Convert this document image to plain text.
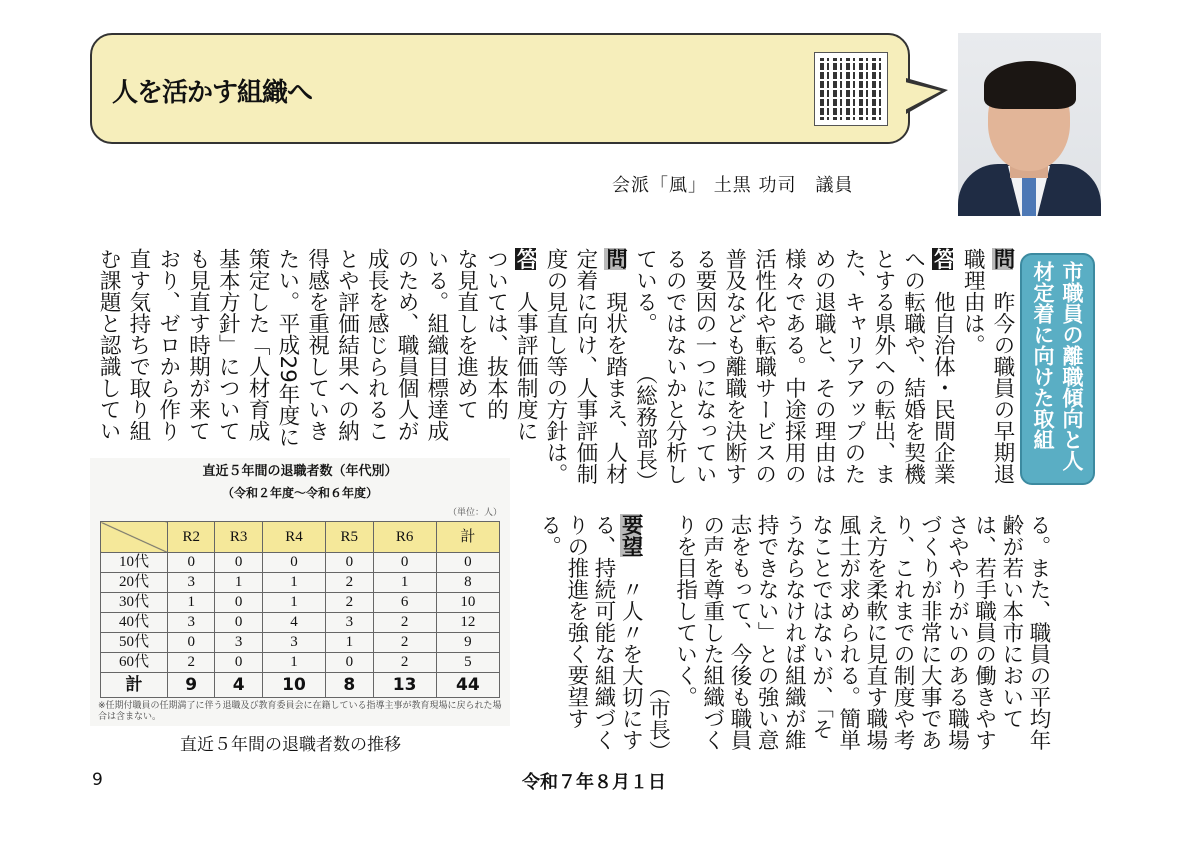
人を活かす組織へ
会派「風」 土黒 功司　議員
市職員の離職傾向と人
材定着に向けた取組
問　昨今の職員の早期退
職理由は。
答　他自治体・民間企業
への転職や、結婚を契機
とする県外への転出、ま
た、キャリアアップのた
めの退職と、その理由は
様々である。中途採用の
活性化や転職サービスの
普及なども離職を決断す
る要因の一つになってい
るのではないかと分析し
ている。
（総務部長）
問　現状を踏まえ、人材
定着に向け、人事評価制
度の見直し等の方針は。
答　人事評価制度に
ついては、抜本的
な見直しを進めて
いる。組織目標達成
のため、職員個人が
成長を感じられるこ
とや評価結果への納
得感を重視していき
たい。平成29年度に
策定した「人材育成
基本方針」について
も見直す時期が来て
おり、ゼロから作り
直す気持ちで取り組
む課題と認識してい
る。また、職員の平均年
齢が若い本市において
は、若手職員の働きやす
さややりがいのある職場
づくりが非常に大事であ
り、これまでの制度や考
え方を柔軟に見直す職場
風土が求められる。簡単
なことではないが、「そ
うならなければ組織が維
持できない」との強い意
志をもって、今後も職員
の声を尊重した組織づく
りを目指していく。
（市長）
要望　〃人〃を大切にす
る、持続可能な組織づく
りの推進を強く要望す
る。
直近５年間の退職者数（年代別）
（令和２年度～令和６年度）
（単位：人）
	R2	R3	R4	R5	R6	計
10代	0	0	0	0	0	0
20代	3	1	1	2	1	8
30代	1	0	1	2	6	10
40代	3	0	4	3	2	12
50代	0	3	3	1	2	9
60代	2	0	1	0	2	5
計	9	4	10	8	13	44
※任期付職員の任期満了に伴う退職及び教育委員会に在籍している指導主事が教育現場に戻られた場合は含まない。
直近５年間の退職者数の推移
9	令和７年８月１日
